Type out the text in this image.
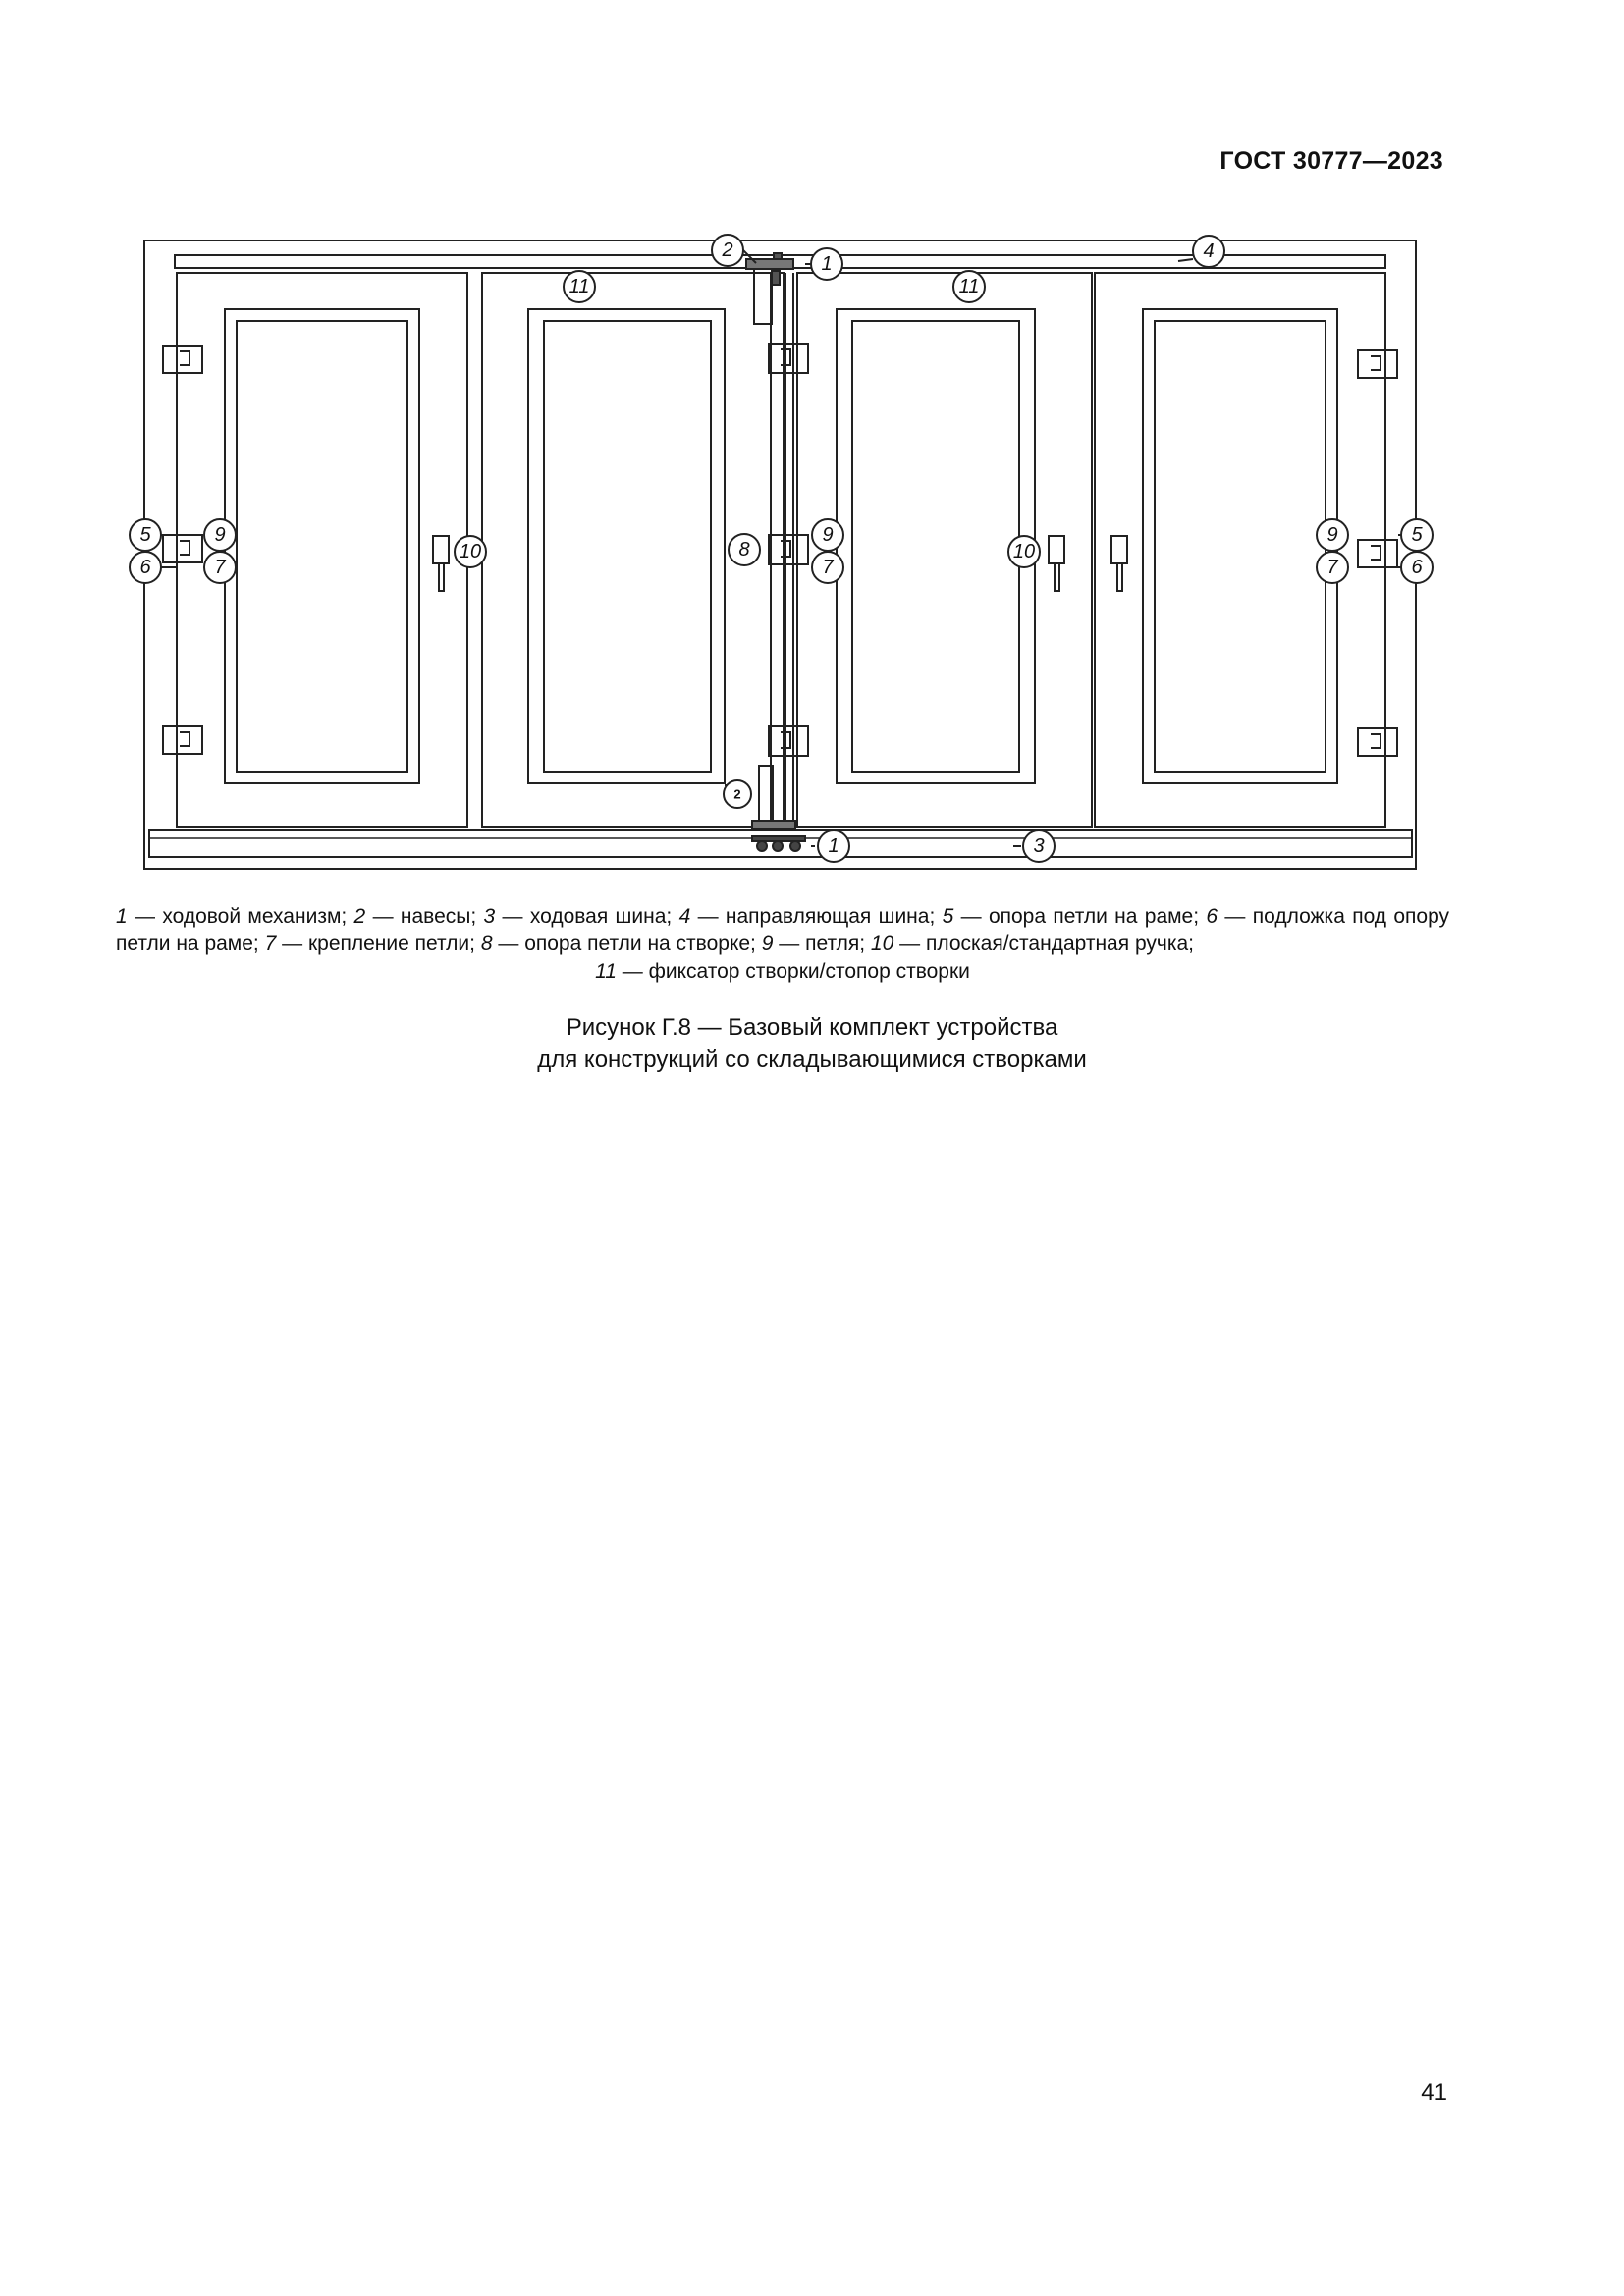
ГОСТ 30777—2023
2
1
4
11	11
5
6
9
7
10	8
9
7
10
9
7
5
6
2
1	3
1 — ходовой механизм; 2 — навесы; 3 — ходовая шина; 4 — направляющая шина; 5 — опора петли на раме; 6 — подложка под опору петли на раме; 7 — крепление петли; 8 — опора петли на створке; 9 — петля; 10 — плоская/стандартная ручка;
11 — фиксатор створки/стопор створки
Рисунок Г.8 — Базовый комплект устройства
для конструкций со складывающимися створками
41
